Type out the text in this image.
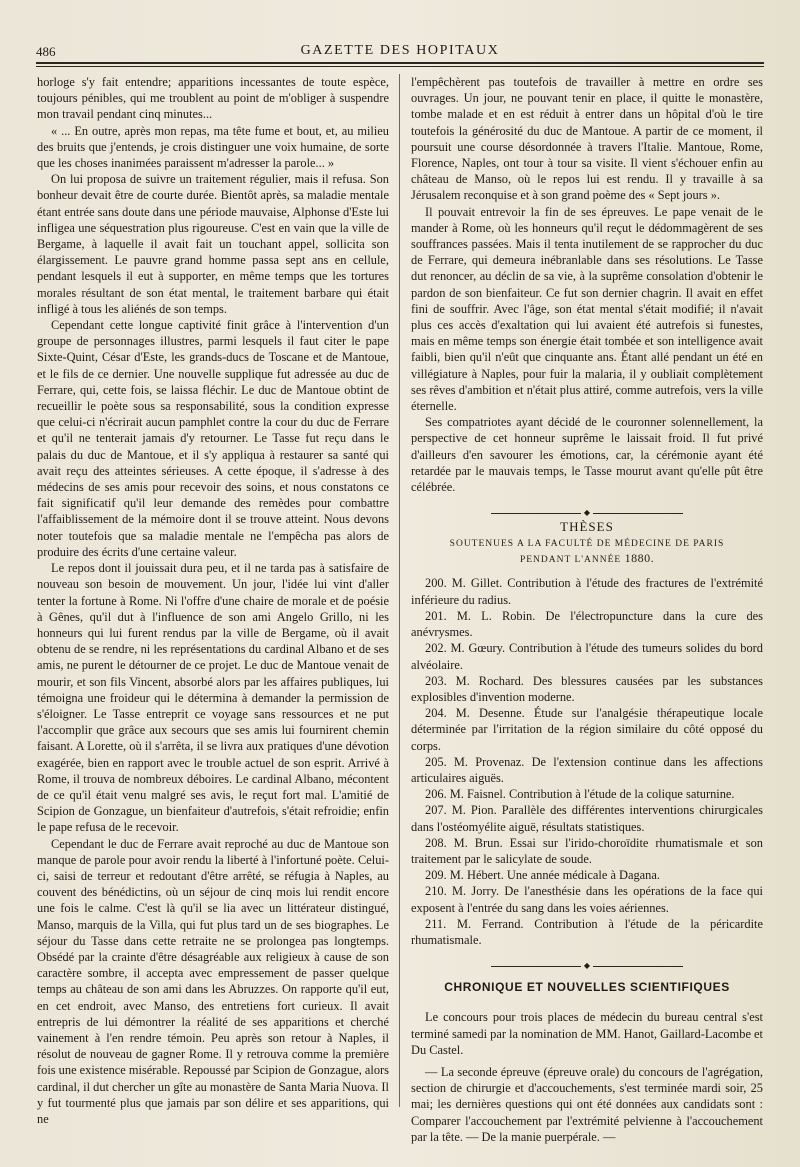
486	GAZETTE DES HOPITAUX

horloge s'y fait entendre; apparitions incessantes de toute espèce, toujours pénibles, qui me troublent au point de m'obliger à suspendre mon travail pendant cinq minutes...

« ... En outre, après mon repas, ma tête fume et bout, et, au milieu des bruits que j'entends, je crois distinguer une voix humaine, de sorte que les choses inanimées paraissent m'adresser la parole... »

On lui proposa de suivre un traitement régulier, mais il refusa. Son bonheur devait être de courte durée. Bientôt après, sa maladie mentale étant entrée sans doute dans une période mauvaise, Alphonse d'Este lui infligea une séquestration plus rigoureuse. C'est en vain que la ville de Bergame, à laquelle il avait fait un touchant appel, sollicita son élargissement. Le pauvre grand homme passa sept ans en cellule, pendant lesquels il eut à supporter, en même temps que les tortures morales résultant de son état mental, le traitement barbare qui était infligé à tous les aliénés de son temps.

Cependant cette longue captivité finit grâce à l'intervention d'un groupe de personnages illustres, parmi lesquels il faut citer le pape Sixte-Quint, César d'Este, les grands-ducs de Toscane et de Mantoue, et le fils de ce dernier. Une nouvelle supplique fut adressée au duc de Ferrare, qui, cette fois, se laissa fléchir. Le duc de Mantoue obtint de recueillir le poète sous sa responsabilité, sous la condition expresse que celui-ci n'écrirait aucun pamphlet contre la cour du duc de Ferrare et qu'il ne tenterait jamais d'y retourner. Le Tasse fut reçu dans le palais du duc de Mantoue, et il s'y appliqua à restaurer sa santé qui avait reçu des atteintes sérieuses. A cette époque, il s'adresse à des médecins de ses amis pour recevoir des soins, et nous constatons ce fait significatif qu'il leur demande des remèdes pour combattre l'affaiblissement de la mémoire dont il se trouve atteint. Nous devons noter toutefois que sa maladie mentale ne l'empêcha pas alors de produire des écrits d'une certaine valeur.

Le repos dont il jouissait dura peu, et il ne tarda pas à satisfaire de nouveau son besoin de mouvement. Un jour, l'idée lui vint d'aller tenter la fortune à Rome. Ni l'offre d'une chaire de morale et de poésie à Gênes, qu'il dut à l'influence de son ami Angelo Grillo, ni les honneurs qui lui furent rendus par la ville de Bergame, où il avait obtenu de se rendre, ni les représentations du cardinal Albano et de ses amis, ne purent le détourner de ce projet. Le duc de Mantoue venait de mourir, et son fils Vincent, absorbé alors par les affaires publiques, lui témoigna une froideur qui le détermina à demander la permission de s'éloigner. Le Tasse entreprit ce voyage sans ressources et ne put l'accomplir que grâce aux secours que ses amis lui fournirent chemin faisant. A Lorette, où il s'arrêta, il se livra aux pratiques d'une dévotion exagérée, bien en rapport avec le trouble actuel de son esprit. Arrivé à Rome, il trouva de nombreux déboires. Le cardinal Albano, mécontent de ce qu'il était venu malgré ses avis, le reçut fort mal. L'amitié de Scipion de Gonzague, un bienfaiteur d'autrefois, s'était refroidie; enfin le pape refusa de le recevoir.

Cependant le duc de Ferrare avait reproché au duc de Mantoue son manque de parole pour avoir rendu la liberté à l'infortuné poète. Celui-ci, saisi de terreur et redoutant d'être arrêté, se réfugia à Naples, au couvent des bénédictins, où un séjour de cinq mois lui rendit encore une fois le calme. C'est là qu'il se lia avec un littérateur distingué, Manso, marquis de la Villa, qui fut plus tard un de ses biographes. Le séjour du Tasse dans cette retraite ne se prolongea pas longtemps. Obsédé par la crainte d'être désagréable aux religieux à cause de son caractère sombre, il accepta avec empressement de passer quelque temps au château de son ami dans les Abruzzes. On rapporte qu'il eut, en cet endroit, avec Manso, des entretiens fort curieux. Il avait entrepris de lui démontrer la réalité de ses apparitions et cherché vainement à l'en rendre témoin. Peu après son retour à Naples, il résolut de nouveau de gagner Rome. Il y retrouva comme la première fois une existence misérable. Repoussé par Scipion de Gonzague, alors cardinal, il dut chercher un gîte au monastère de Santa Maria Nuova. Il y fut tourmenté plus que jamais par son délire et ses apparitions, qui ne

l'empêchèrent pas toutefois de travailler à mettre en ordre ses ouvrages. Un jour, ne pouvant tenir en place, il quitte le monastère, tombe malade et en est réduit à entrer dans un hôpital d'où le tire toutefois la générosité du duc de Mantoue. A partir de ce moment, il poursuit une course désordonnée à travers l'Italie. Mantoue, Rome, Florence, Naples, ont tour à tour sa visite. Il vient s'échouer enfin au château de Manso, où le repos lui est rendu. Il y travaille à sa Jérusalem reconquise et à son grand poème des « Sept jours ».

Il pouvait entrevoir la fin de ses épreuves. Le pape venait de le mander à Rome, où les honneurs qu'il reçut le dédommagèrent de ses souffrances passées. Mais il tenta inutilement de se rapprocher du duc de Ferrare, qui demeura inébranlable dans ses résolutions. Le Tasse dut renoncer, au déclin de sa vie, à la suprême consolation d'obtenir le pardon de son bienfaiteur. Ce fut son dernier chagrin. Il avait en effet fini de souffrir. Avec l'âge, son état mental s'était modifié; il n'avait plus ces accès d'exaltation qui lui avaient été autrefois si funestes, mais en même temps son énergie était tombée et son intelligence avait faibli, bien qu'il n'eût que cinquante ans. Étant allé pendant un été en villégiature à Naples, pour fuir la malaria, il y oubliait complètement ses rêves d'ambition et n'était plus attiré, comme autrefois, vers la ville éternelle.

Ses compatriotes ayant décidé de le couronner solennellement, la perspective de cet honneur suprême le laissait froid. Il fut privé d'ailleurs d'en savourer les émotions, car, la cérémonie ayant été retardée par le mauvais temps, le Tasse mourut avant qu'elle pût être célébrée.

◆
THÈSES
SOUTENUES A LA FACULTÉ DE MÉDECINE DE PARIS
PENDANT L'ANNÉE 1880.

200. M. Gillet. Contribution à l'étude des fractures de l'extrémité inférieure du radius.

201. M. L. Robin. De l'électropuncture dans la cure des anévrysmes.

202. M. Gœury. Contribution à l'étude des tumeurs solides du bord alvéolaire.

203. M. Rochard. Des blessures causées par les substances explosibles d'invention moderne.

204. M. Desenne. Étude sur l'analgésie thérapeutique locale déterminée par l'irritation de la région similaire du côté opposé du corps.

205. M. Provenaz. De l'extension continue dans les affections articulaires aiguës.

206. M. Faisnel. Contribution à l'étude de la colique saturnine.

207. M. Pion. Parallèle des différentes interventions chirurgicales dans l'ostéomyélite aiguë, résultats statistiques.

208. M. Brun. Essai sur l'irido-choroïdite rhumatismale et son traitement par le salicylate de soude.

209. M. Hébert. Une année médicale à Dagana.

210. M. Jorry. De l'anesthésie dans les opérations de la face qui exposent à l'entrée du sang dans les voies aériennes.

211. M. Ferrand. Contribution à l'étude de la péricardite rhumatismale.

◆
CHRONIQUE ET NOUVELLES SCIENTIFIQUES

Le concours pour trois places de médecin du bureau central s'est terminé samedi par la nomination de MM. Hanot, Gaillard-Lacombe et Du Castel.

— La seconde épreuve (épreuve orale) du concours de l'agrégation, section de chirurgie et d'accouchements, s'est terminée mardi soir, 25 mai; les dernières questions qui ont été données aux candidats sont : Comparer l'accouchement par l'extrémité pelvienne à l'accouchement par la tête. — De la manie puerpérale. —
